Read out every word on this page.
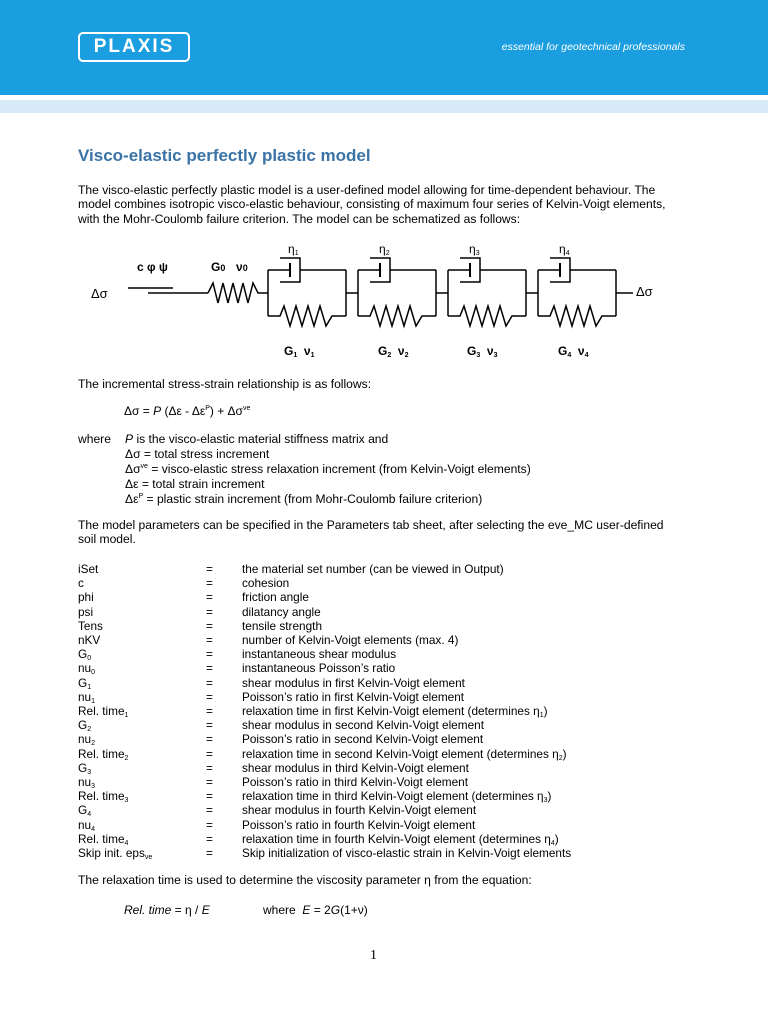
PLAXIS	essential for geotechnical professionals
Visco-elastic perfectly plastic model
The visco-elastic perfectly plastic model is a user-defined model allowing for time-dependent behaviour. The model combines isotropic visco-elastic behaviour, consisting of maximum four series of Kelvin-Voigt elements, with the Mohr-Coulomb failure criterion. The model can be schematized as follows:
Δσ	Δσ
c φ ψ	G0 ν0
$\eta_1$	$\eta_2$	$\eta_3$	$\eta_4$
$G_1$ $\nu_1$	$G_2$ $\nu_2$	$G_3$ $\nu_3$	$G_4$ $\nu_4$
The incremental stress-strain relationship is as follows:
Δσ = P $(\Delta\varepsilon - \Delta\varepsilon^P) + \Delta\sigma^{ve}$
where P is the visco-elastic material stiffness matrix and
Δσ = total stress increment
$\Delta\sigma^{ve}$ = visco-elastic stress relaxation increment (from Kelvin-Voigt elements)
Δε = total strain increment
$\Delta\varepsilon^P$ = plastic strain increment (from Mohr-Coulomb failure criterion)
The model parameters can be specified in the Parameters tab sheet, after selecting the eve_MC user-defined soil model.
iSet	= the material set number (can be viewed in Output)
c	= cohesion
phi	= friction angle
psi	= dilatancy angle
Tens	= tensile strength
nKV	= number of Kelvin-Voigt elements (max. 4)
$G_0$	= instantaneous shear modulus
$nu_0$	= instantaneous Poisson’s ratio
$G_1$	= shear modulus in first Kelvin-Voigt element
$nu_1$	= Poisson’s ratio in first Kelvin-Voigt element
Rel. time$_1$	= relaxation time in first Kelvin-Voigt element (determines $\eta_1$)
$G_2$	= shear modulus in second Kelvin-Voigt element
$nu_2$	= Poisson’s ratio in second Kelvin-Voigt element
Rel. time$_2$	= relaxation time in second Kelvin-Voigt element (determines $\eta_2$)
$G_3$	= shear modulus in third Kelvin-Voigt element
$nu_3$	= Poisson’s ratio in third Kelvin-Voigt element
Rel. time$_3$	= relaxation time in third Kelvin-Voigt element (determines $\eta_3$)
$G_4$	= shear modulus in fourth Kelvin-Voigt element
$nu_4$	= Poisson’s ratio in fourth Kelvin-Voigt element
Rel. time$_4$	= relaxation time in fourth Kelvin-Voigt element (determines $\eta_4$)
Skip init. eps$_{ve}$	= Skip initialization of visco-elastic strain in Kelvin-Voigt elements
The relaxation time is used to determine the viscosity parameter η from the equation:
Rel. time = η / E	where E = 2G(1+ν)
1
